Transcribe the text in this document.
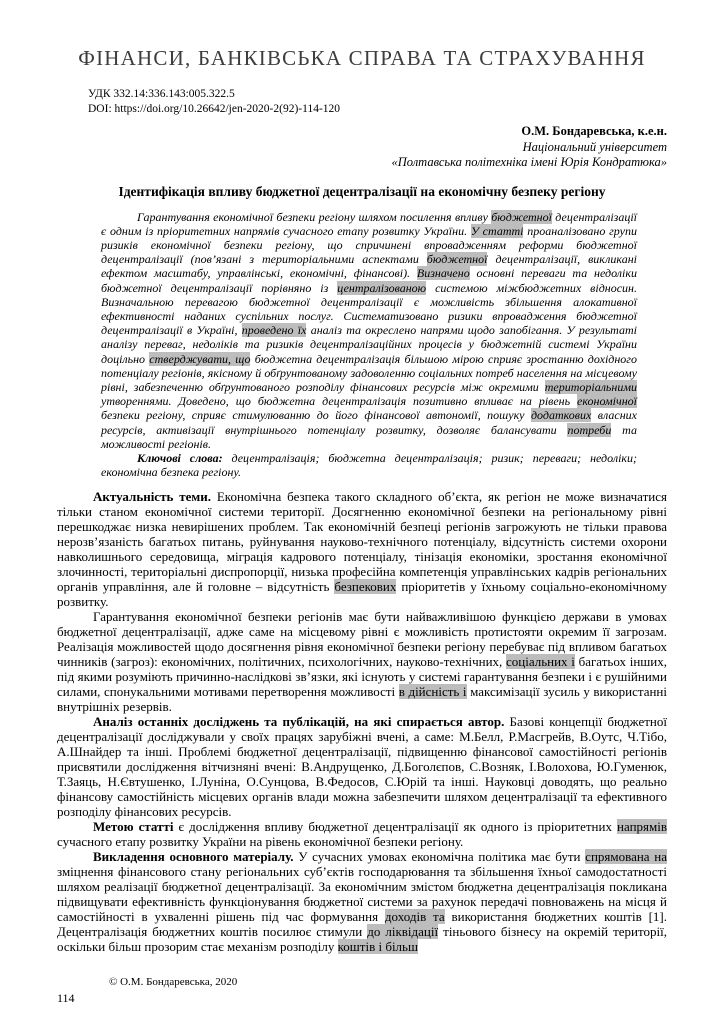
ФІНАНСИ, БАНКІВСЬКА СПРАВА ТА СТРАХУВАННЯ
УДК 332.14:336.143:005.322.5
DOI: https://doi.org/10.26642/jen-2020-2(92)-114-120
О.М. Бондаревська, к.е.н.
Національний університет
«Полтавська політехніка імені Юрія Кондратюка»
Ідентифікація впливу бюджетної децентралізації на економічну безпеку регіону

Гарантування економічної безпеки регіону шляхом посилення впливу бюджетної децентралізації є одним із пріоритетних напрямів сучасного етапу розвитку України. У статті проаналізовано групи ризиків економічної безпеки регіону, що спричинені впровадженням реформи бюджетної децентралізації (пов’язані з територіальними аспектами бюджетної децентралізації, викликані ефектом масштабу, управлінські, економічні, фінансові). Визначено основні переваги та недоліки бюджетної децентралізації порівняно із централізованою системою міжбюджетних відносин. Визначальною перевагою бюджетної децентралізації є можливість збільшення алокативної ефективності наданих суспільних послуг. Систематизовано ризики впровадження бюджетної децентралізації в Україні, проведено їх аналіз та окреслено напрями щодо запобігання. У результаті аналізу переваг, недоліків та ризиків децентралізаційних процесів у бюджетній системі України доцільно стверджувати, що бюджетна децентралізація більшою мірою сприяє зростанню дохідного потенціалу регіонів, якісному й обґрунтованому задоволенню соціальних потреб населення на місцевому рівні, забезпеченню обґрунтованого розподілу фінансових ресурсів між окремими територіальними утвореннями. Доведено, що бюджетна децентралізація позитивно впливає на рівень економічної безпеки регіону, сприяє стимулюванню до його фінансової автономії, пошуку додаткових власних ресурсів, активізації внутрішнього потенціалу розвитку, дозволяє балансувати потреби та можливості регіонів.

Ключові слова: децентралізація; бюджетна децентралізація; ризик; переваги; недоліки; економічна безпека регіону.

Актуальність теми. Економічна безпека такого складного об’єкта, як регіон не може визначатися тільки станом економічної системи території. Досягненню економічної безпеки на регіональному рівні перешкоджає низка невирішених проблем. Так економічній безпеці регіонів загрожують не тільки правова нерозв’язаність багатьох питань, руйнування науково-технічного потенціалу, відсутність системи охорони навколишнього середовища, міграція кадрового потенціалу, тінізація економіки, зростання економічної злочинності, територіальні диспропорції, низька професійна компетенція управлінських кадрів регіональних органів управління, але й головне – відсутність безпекових пріоритетів у їхньому соціально-економічному розвитку.

Гарантування економічної безпеки регіонів має бути найважливішою функцією держави в умовах бюджетної децентралізації, адже саме на місцевому рівні є можливість протистояти окремим її загрозам. Реалізація можливостей щодо досягнення рівня економічної безпеки регіону перебуває під впливом багатьох чинників (загроз): економічних, політичних, психологічних, науково-технічних, соціальних і багатьох інших, під якими розуміють причинно-наслідкові зв’язки, які існують у системі гарантування безпеки і є рушійними силами, спонукальними мотивами перетворення можливості в дійсність і максимізації зусиль у використанні внутрішніх резервів.

Аналіз останніх досліджень та публікацій, на які спирається автор. Базові концепції бюджетної децентралізації досліджували у своїх працях зарубіжні вчені, а саме: М.Белл, Р.Масгрейв, В.Оутс, Ч.Тібо, А.Шнайдер та інші. Проблемі бюджетної децентралізації, підвищенню фінансової самостійності регіонів присвятили дослідження вітчизняні вчені: В.Андрущенко, Д.Боголєпов, С.Возняк, І.Волохова, Ю.Гуменюк, Т.Заяць, Н.Євтушенко, І.Луніна, О.Сунцова, В.Федосов, С.Юрій та інші. Науковці доводять, що реально фінансову самостійність місцевих органів влади можна забезпечити шляхом децентралізації та ефективного розподілу фінансових ресурсів.

Метою статті є дослідження впливу бюджетної децентралізації як одного із пріоритетних напрямів сучасного етапу розвитку України на рівень економічної безпеки регіону.

Викладення основного матеріалу. У сучасних умовах економічна політика має бути спрямована на зміцнення фінансового стану регіональних суб’єктів господарювання та збільшення їхньої самодостатності шляхом реалізації бюджетної децентралізації. За економічним змістом бюджетна децентралізація покликана підвищувати ефективність функціонування бюджетної системи за рахунок передачі повноважень на місця й самостійності в ухваленні рішень під час формування доходів та використання бюджетних коштів [1]. Децентралізація бюджетних коштів посилює стимули до ліквідації тіньового бізнесу на окремій території, оскільки більш прозорим стає механізм розподілу коштів і більш

© О.М. Бондаревська, 2020
114
